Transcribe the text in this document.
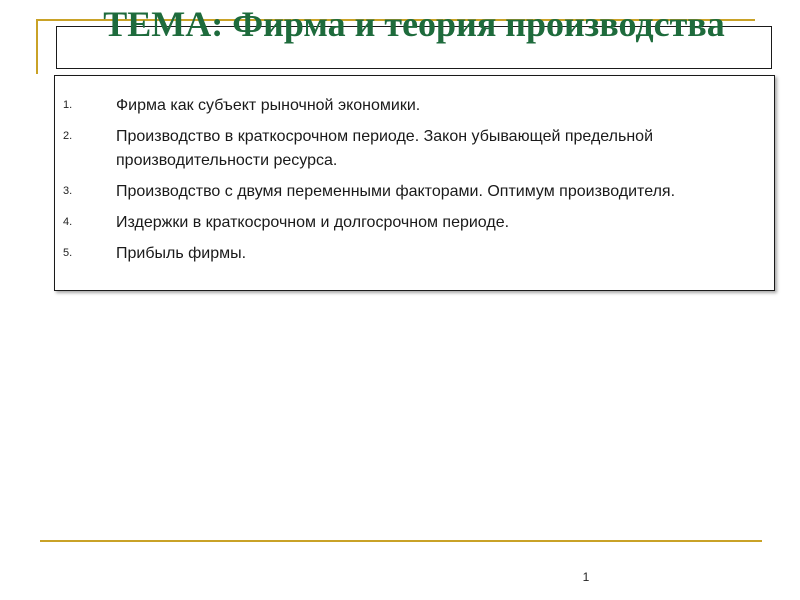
ТЕМА: Фирма и теория производства
1.	Фирма как субъект рыночной экономики.
2.	Производство в краткосрочном периоде. Закон убывающей предельной производительности ресурса.
3.	Производство с двумя переменными факторами. Оптимум производителя.
4.	Издержки в краткосрочном и долгосрочном периоде.
5.	Прибыль фирмы.
1
